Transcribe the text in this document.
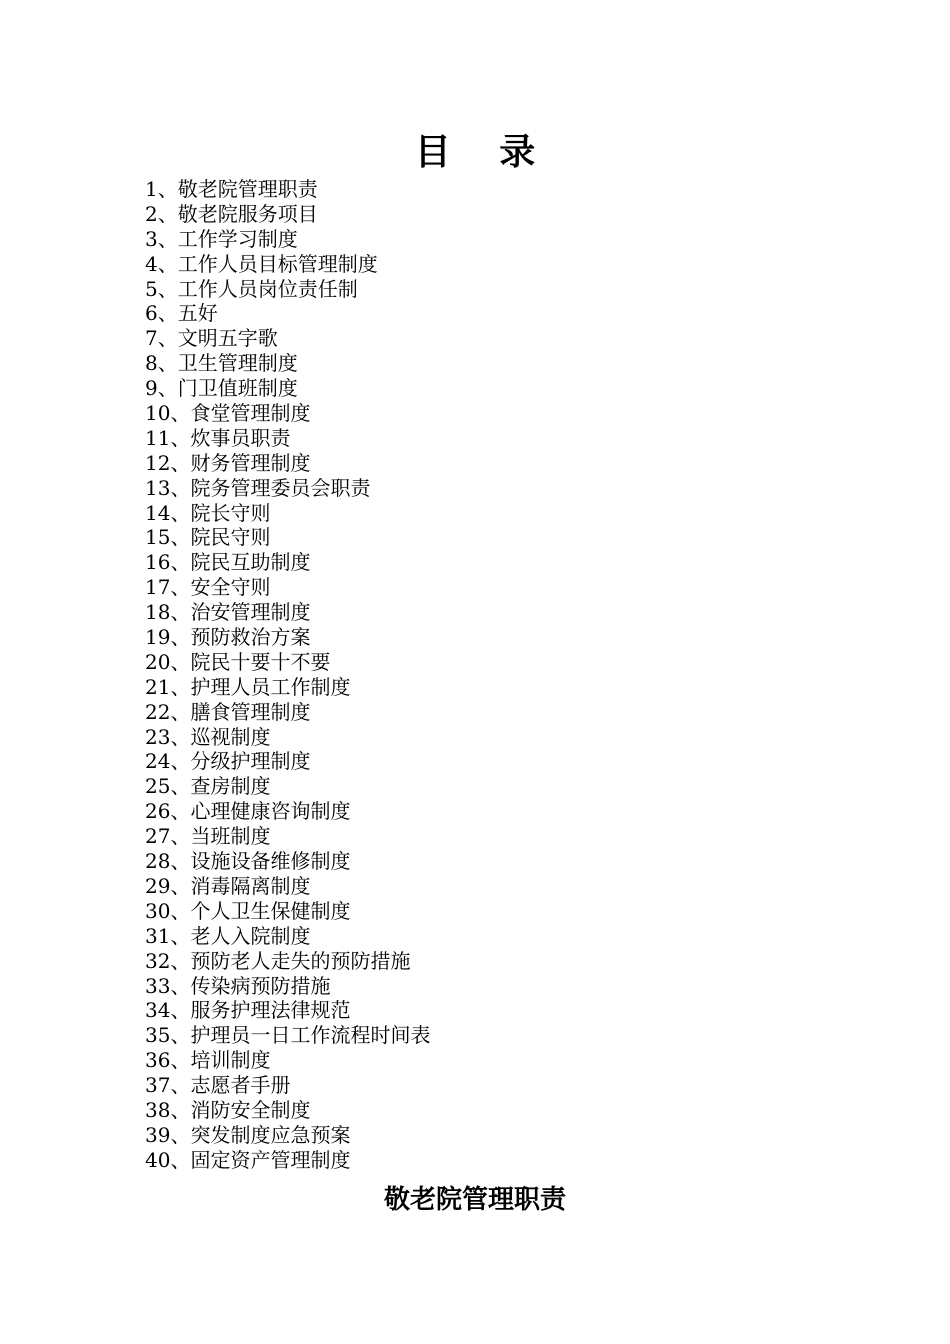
目 录
1、敬老院管理职责
2、敬老院服务项目
3、工作学习制度
4、工作人员目标管理制度
5、工作人员岗位责任制
6、五好
7、文明五字歌
8、卫生管理制度
9、门卫值班制度
10、食堂管理制度
11、炊事员职责
12、财务管理制度
13、院务管理委员会职责
14、院长守则
15、院民守则
16、院民互助制度
17、安全守则
18、治安管理制度
19、预防救治方案
20、院民十要十不要
21、护理人员工作制度
22、膳食管理制度
23、巡视制度
24、分级护理制度
25、查房制度
26、心理健康咨询制度
27、当班制度
28、设施设备维修制度
29、消毒隔离制度
30、个人卫生保健制度
31、老人入院制度
32、预防老人走失的预防措施
33、传染病预防措施
34、服务护理法律规范
35、护理员一日工作流程时间表
36、培训制度
37、志愿者手册
38、消防安全制度
39、突发制度应急预案
40、固定资产管理制度
敬老院管理职责
